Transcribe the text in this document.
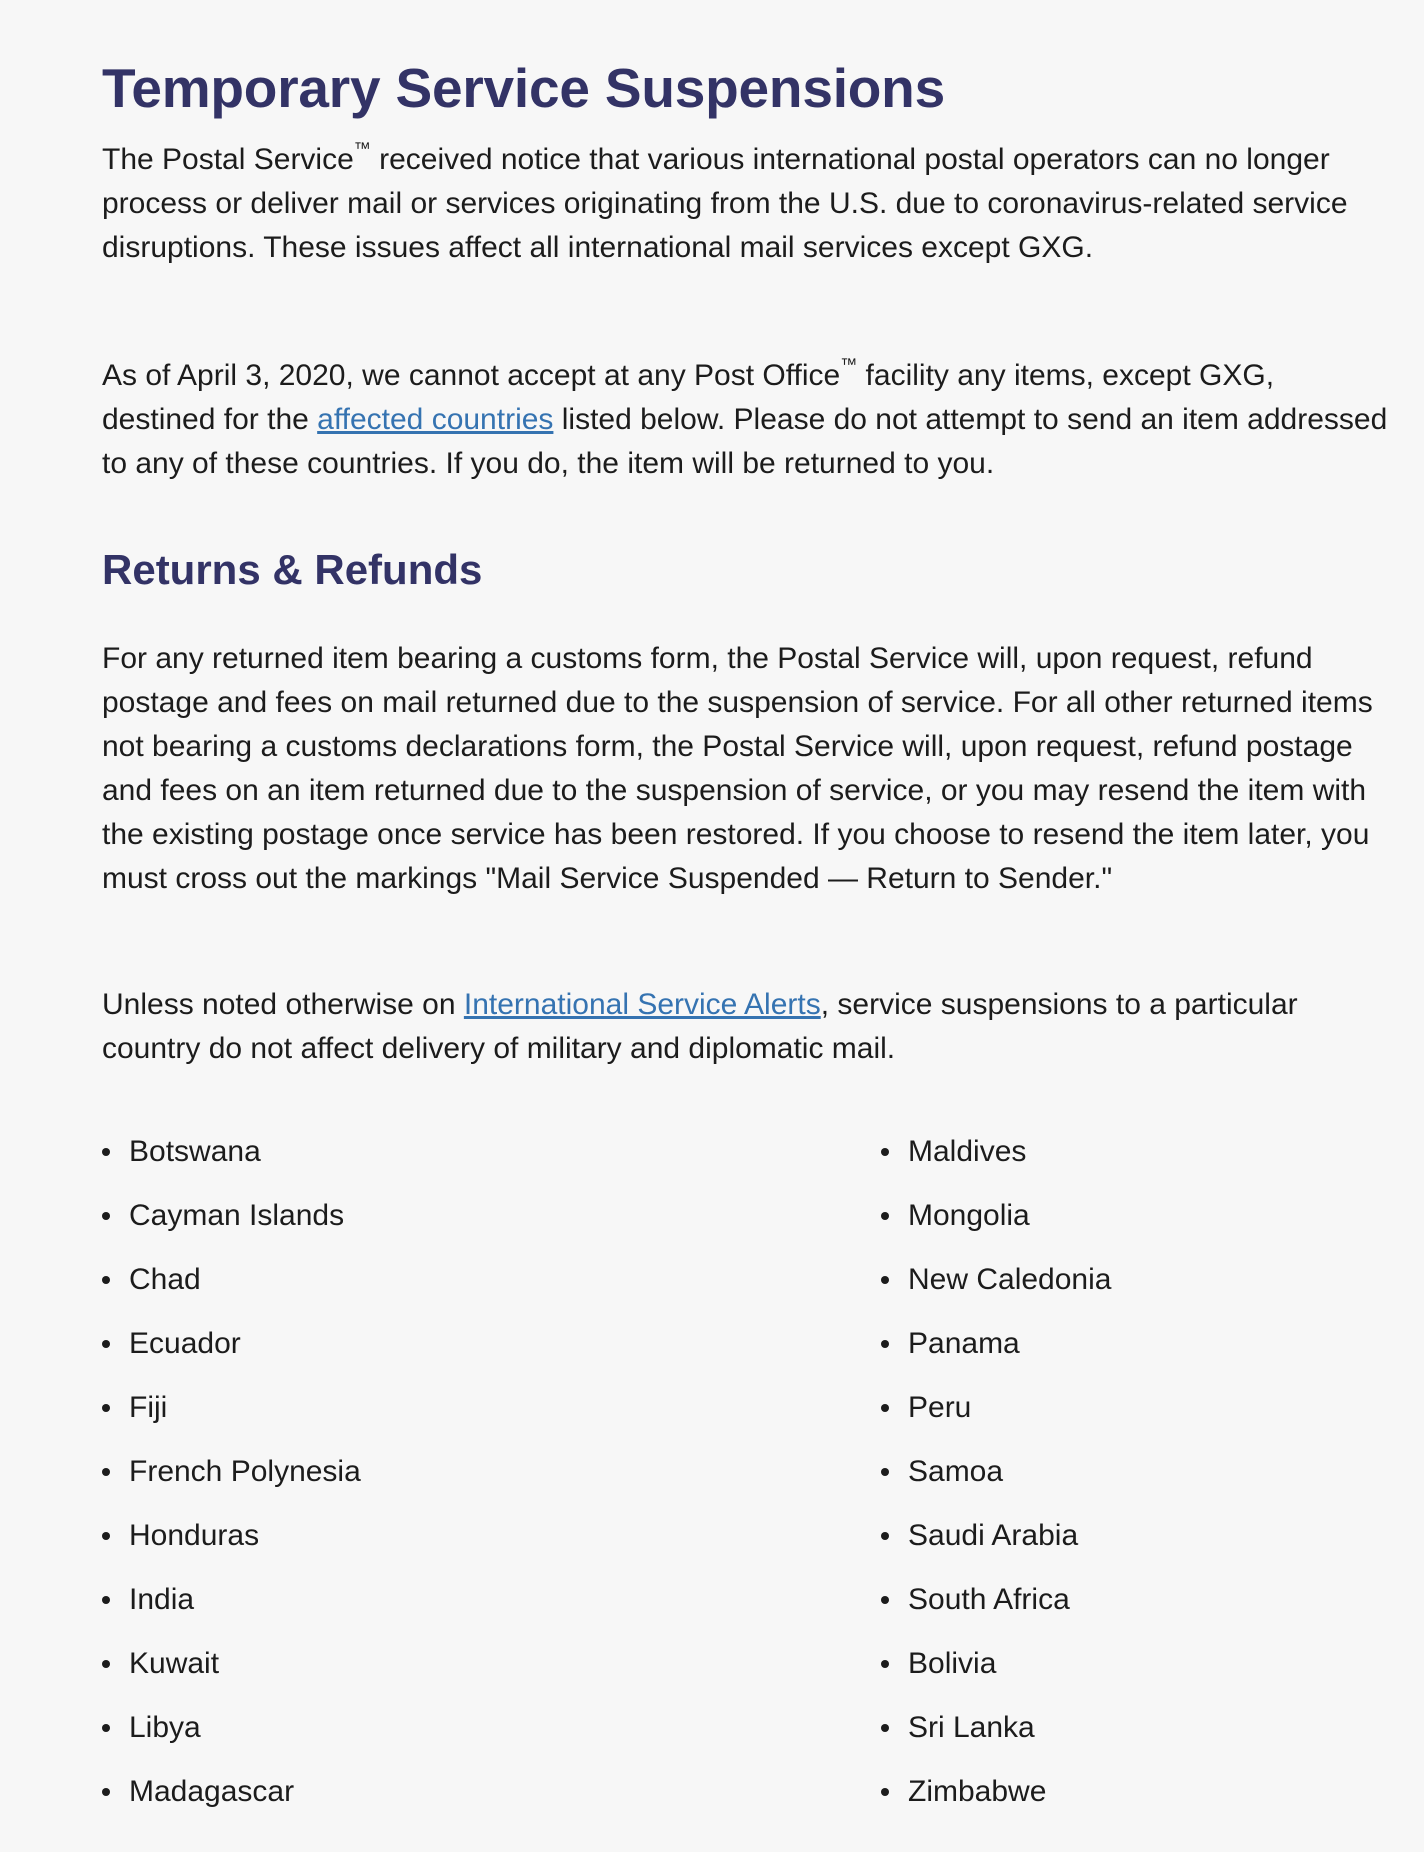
Temporary Service Suspensions

The Postal Service™ received notice that various international postal operators can no longer process or deliver mail or services originating from the U.S. due to coronavirus-related service disruptions. These issues affect all international mail services except GXG.

As of April 3, 2020, we cannot accept at any Post Office™ facility any items, except GXG, destined for the affected countries listed below. Please do not attempt to send an item addressed to any of these countries. If you do, the item will be returned to you.

Returns & Refunds

For any returned item bearing a customs form, the Postal Service will, upon request, refund postage and fees on mail returned due to the suspension of service. For all other returned items not bearing a customs declarations form, the Postal Service will, upon request, refund postage and fees on an item returned due to the suspension of service, or you may resend the item with the existing postage once service has been restored. If you choose to resend the item later, you must cross out the markings "Mail Service Suspended — Return to Sender."

Unless noted otherwise on International Service Alerts, service suspensions to a particular country do not affect delivery of military and diplomatic mail.

Botswana
Cayman Islands
Chad
Ecuador
Fiji
French Polynesia
Honduras
India
Kuwait
Libya
Madagascar
Maldives
Mongolia
New Caledonia
Panama
Peru
Samoa
Saudi Arabia
South Africa
Bolivia
Sri Lanka
Zimbabwe
